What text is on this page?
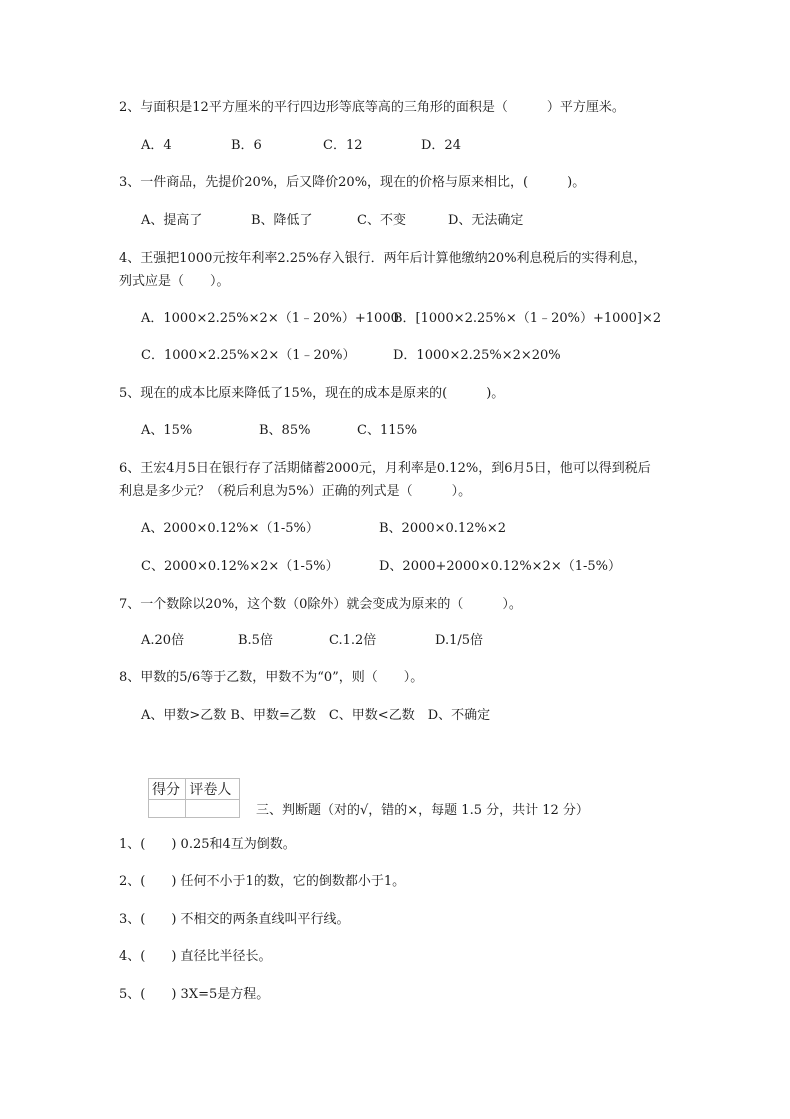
2、与面积是12平方厘米的平行四边形等底等高的三角形的面积是（　　　）平方厘米。
A．4	B．6	C．12	D．24
3、一件商品，先提价20%，后又降价20%，现在的价格与原来相比，(　　　)。
A、提高了	B、降低了	C、不变	D、无法确定
4、王强把1000元按年利率2.25%存入银行．两年后计算他缴纳20%利息税后的实得利息，
列式应是（　　）。
A．1000×2.25%×2×（1﹣20%）+1000
B．[1000×2.25%×（1﹣20%）+1000]×2
C．1000×2.25%×2×（1﹣20%）	D．1000×2.25%×2×20%
5、现在的成本比原来降低了15%，现在的成本是原来的(　　　)。
A、15%	B、85%	C、115%
6、王宏4月5日在银行存了活期储蓄2000元，月利率是0.12%，到6月5日，他可以得到税后
利息是多少元？（税后利息为5%）正确的列式是（　　　）。
A、2000×0.12%×（1-5%）	B、2000×0.12%×2
C、2000×0.12%×2×（1-5%）	D、2000+2000×0.12%×2×（1-5%）
7、一个数除以20%，这个数（0除外）就会变成为原来的（　　　）。
A.20倍	B.5倍	C.1.2倍	D.1/5倍
8、甲数的5/6等于乙数，甲数不为“0”，则（　　）。
A、甲数>乙数 B、甲数=乙数　C、甲数<乙数　D、不确定
得分	评卷人

三、判断题（对的√，错的×，每题 1.5 分，共计 12 分）
1、(　　) 0.25和4互为倒数。
2、(　　) 任何不小于1的数，它的倒数都小于1。
3、(　　) 不相交的两条直线叫平行线。
4、(　　) 直径比半径长。
5、(　　) 3X=5是方程。
